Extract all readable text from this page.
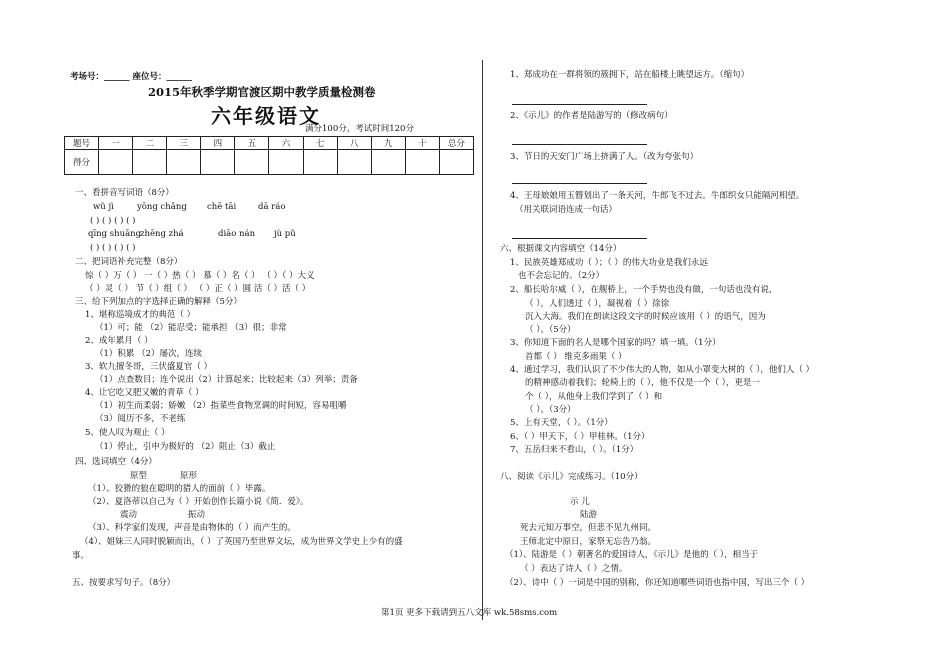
考场号：______ 座位号：______
2015年秋季学期官渡区期中教学质量检测卷
六年级语文
满分100分，考试时间120分
题号	一	二	三	四	五	六	七	八	九	十	总分
得分											
一、看拼音写词语（8分）
wǔ jì	yōng chǎng chē tāi	dā ráo
( ) ( ) ( ) ( )
qīng shuāng
zhēng zhá	diāo nán jù pǔ
( ) ( ) ( ) ( )
二、把词语补充完整（8分）
惊（ ）万（ ） 一（ ）热（ ） 慕（ ）名（ ） （ ）（ ）大义
（ ）灵（ ） 节（ ）组（ ） （ ）正（ ）圆 活（ ）活（ ）
三、给下列加点的字选择正确的解释（5分）
1、堪称巡境成才的典范（ ）
（1）可；能 （2）能忍受；能承担 （3）很；非常
2、成年累月（ ）
（1）积累 （2）屡次，连续
3、软九擅冬哥，三伏盛夏官（ ）
（1）点查数目；连个说出（2）计算起来；比较起来（3）列举；责备
4、让它吃又肥又嫩的青草（ ）
（1）初生而柔弱；娇嫩 （2）指菜些食物烹调的时间短，容易咀嚼
（3）阅历不多，不老练
5、使人叹为观止（ ）
（1）停止，引申为极好的 （2）阻止（3）截止
四、选词填空（4分）
原型	原形
（1）、狡猾的狼在聪明的猎人的面前（ ）毕露。
（2）、夏洛蒂以自己为（ ）开始创作长篇小说《简．爱》。
震动	振动
（3）、科学家们发现，声音是由物体的（ ）而产生的。
（4）、姐妹三人同时脱颖而出，（ ）了英国乃至世界文坛，成为世界文学史上少有的盛
事。
五、按要求写句子。（8分）
1、郑成功在一群将领的簇拥下，站在船楼上眺望远方。（缩句）
2、《示儿》的作者是陆游写的（修改病句）
3、节日的天安门广场上挤满了人。（改为夸张句）
4、王母娘娘用玉簪划出了一条天河，牛郎飞不过去。牛郎织女只能隔河相望。
（用关联词语连成一句话）
六、根据课文内容填空（14分）
1、民族英雄郑成功（ ）；（ ）的伟大功业是我们永远
也不会忘记的。（2分）
2、船长哈尔威（ ），在舰桥上，一个手势也没有做，一句话也没有说，
（ ），人们透过（ ），凝视着（ ）徐徐
沉入大海。我们在朗读这段文字的时候应该用（ ）的语气，因为
（ ）。（5分）
3、你知道下面的名人是哪个国家的吗？填一填。（1分）
首都（ ） 维克多雨果（ ）
4、通过学习，我们认识了不少伟大的人物，如从小罩变大树的（ ），他们人（ ）
的精神感动着我们；轮椅上的（ ），他不仅是一个（ ），更是一
个（ ），从他身上我们学到了（ ）和
（ ）。（3分）
5、上有天堂，（ ）。（1分）
6、（ ）甲天下，（ ）甲桂林。（1分）
7、五岳归来不看山，（ ）。（1分）
八、阅读《示儿》完成练习。（10分）
示 儿
陆游
死去元知万事空，但悲不见九州同。
王师北定中原日，家祭无忘告乃翁。
（1）、陆游是（ ）朝著名的爱国诗人，《示儿》是他的（ ），相当于
（ ）表达了诗人（ ）之情。
（2）、诗中（ ）一词是中国的别称，你还知道哪些词语也指中国，写出三个（ ）
第1页 更多下载请到五八文库 wk.58sms.com
